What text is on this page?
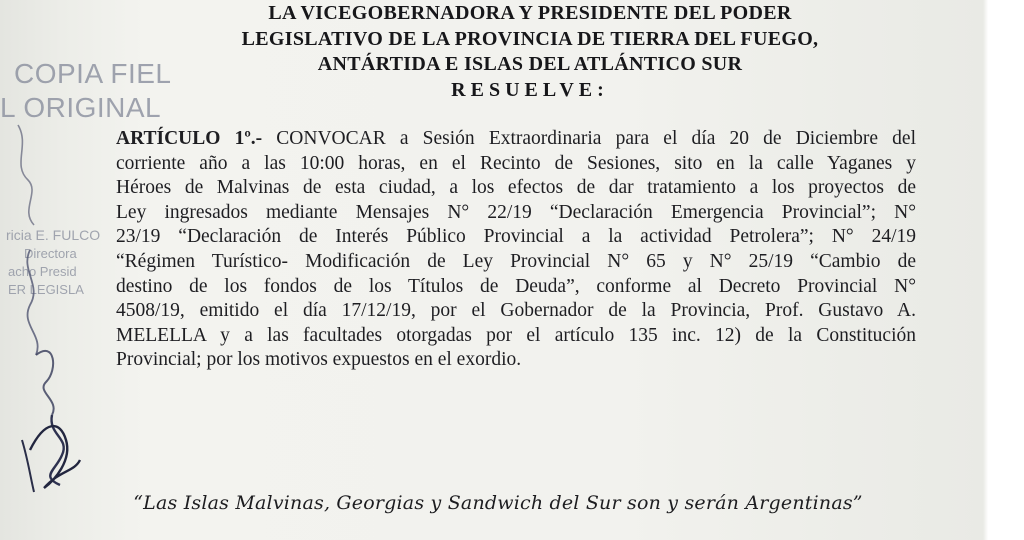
COPIA FIEL
L ORIGINAL
ricia E. FULCO
Directora
acho Presid
ER LEGISLA
LA VICEGOBERNADORA Y PRESIDENTE DEL PODER
LEGISLATIVO DE LA PROVINCIA DE TIERRA DEL FUEGO,
ANTÁRTIDA E ISLAS DEL ATLÁNTICO SUR
RESUELVE:

ARTÍCULO 1º.- CONVOCAR a Sesión Extraordinaria para el día 20 de Diciembre del
corriente año a las 10:00 horas, en el Recinto de Sesiones, sito en la calle Yaganes y
Héroes de Malvinas de esta ciudad, a los efectos de dar tratamiento a los proyectos de
Ley ingresados mediante Mensajes N° 22/19 “Declaración Emergencia Provincial”; N°
23/19 “Declaración de Interés Público Provincial a la actividad Petrolera”; N° 24/19
“Régimen Turístico- Modificación de Ley Provincial N° 65 y N° 25/19 “Cambio de
destino de los fondos de los Títulos de Deuda”, conforme al Decreto Provincial N°
4508/19, emitido el día 17/12/19, por el Gobernador de la Provincia, Prof. Gustavo A.
MELELLA y a las facultades otorgadas por el artículo 135 inc. 12) de la Constitución
Provincial; por los motivos expuestos en el exordio.

“Las Islas Malvinas, Georgias y Sandwich del Sur son y serán Argentinas”
